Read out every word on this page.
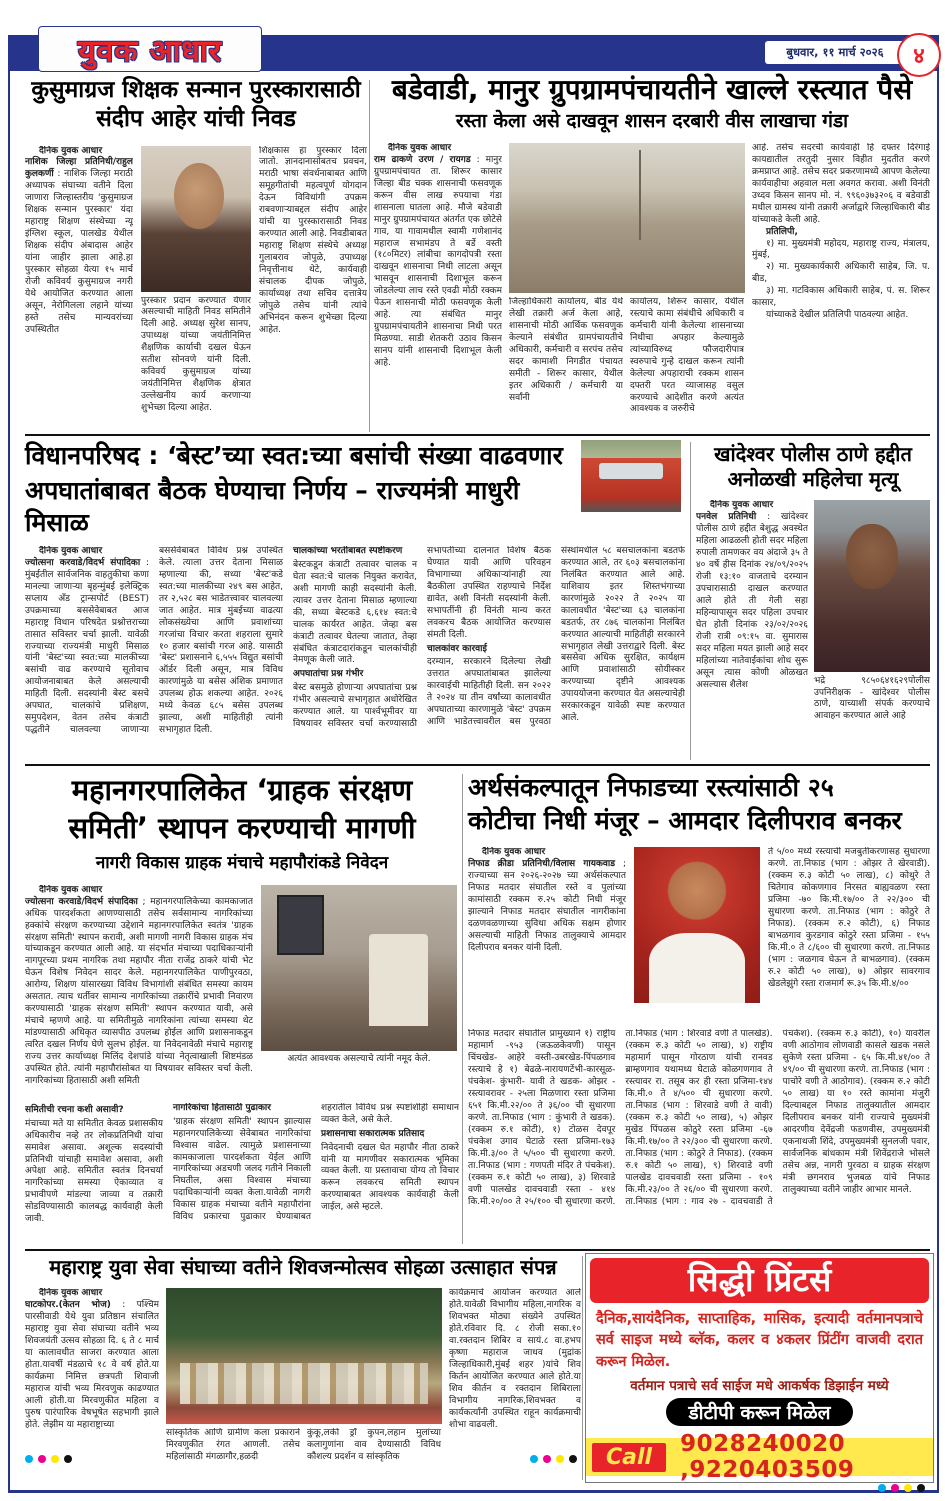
युवक आधार	बुधवार, ११ मार्च २०२६ ४
कुसुमाग्रज शिक्षक सन्मान पुरस्कारासाठी संदीप आहेर यांची निवड
दैनिक युवक आधार
नाशिक जिल्हा प्रतिनिधी/राहुल कुलकर्णी : नाशिक जिल्हा मराठी अध्यापक संघाच्या वतीने दिला जाणारा जिल्हास्तरीय 'कुसुमाग्रज शिक्षक सन्मान पुरस्कार' यंदा महाराष्ट्र शिक्षण संस्थेच्या न्यू इंग्लिश स्कूल, पालखेड येथील शिक्षक संदीप अंबादास आहेर यांना जाहीर झाला आहे.हा पुरस्कार सोहळा येत्या १५ मार्च रोजी कविवर्य कुसुमाग्रज नगरी येथे आयोजित करण्यात आला असून, नेरोगिलला लहाने यांच्या हस्ते तसेच मान्यवरांच्या उपस्थितीत
पुरस्कार प्रदान करण्यात येणार असल्याची माहिती निवड समितीने दिली आहे. अध्यक्ष सुरेश सानप, उपाध्यक्ष यांच्या जयंतीनिमित्त शैक्षणिक कार्याची दखल घेऊन सतीश सोनवणे यांनी दिली. कविवर्य कुसुमाग्रज यांच्या जयंतीनिमित्त शैक्षणिक क्षेत्रात उल्लेखनीय कार्य करणाऱ्या शुभेच्छा दिल्या आहेत.
शिक्षकास हा पुरस्कार दिला जातो. ज्ञानदानासोबतच प्रवचन, मराठी भाषा संवर्धनाबाबत आणि समूहगीतांची महत्वपूर्ण योगदान देऊन विविधांगी उपक्रम राबवणाऱ्याबद्दल संदीप आहेर यांची या पुरस्कारासाठी निवड करण्यात आली आहे. निवडीबाबत महाराष्ट्र शिक्षण संस्थेचे अध्यक्ष गुलाबराव जोपुळे, उपाध्यक्ष निवृत्तीनाथ थेटे, कार्यवाही संचालक दीपक जोपुळे, कार्याध्यक्ष तथा सचिव दत्तात्रेय जोपुळे तसेच यांनी त्यांचे अभिनंदन करून शुभेच्छा दिल्या आहेत.
बडेवाडी, मानुर ग्रुपग्रामपंचायतीने खाल्ले रस्त्यात पैसे
रस्ता केला असे दाखवून शासन दरबारी वीस लाखाचा गंडा
दैनिक युवक आधार
राम ढाकणे उरण / रायगड : मानुर ग्रुपग्रामपंचायत ता. शिरूर कासार जिल्हा बीड चक्क शासनाची फसवणूक करून वीस लाख रुपयाचा गंडा शासनाला घातला आहे. मौजे बडेवाडी मानुर ग्रुपग्रामपंचायत अंतर्गत एक छोटेसे गाव, या गावामधील स्वामी गणेशानंद महाराज सभामंडप ते बर्डे वस्ती (१८०मिटर) लांबीचा कागदोपत्री रस्ता दाखवून शासनाचा निधी लाटला असून भासवून शासनाची दिशाभूल करून जोडलेल्या लाच रस्ते एवढी मोठी रक्कम पेऊन शासनाची मोठी फसवणूक केली आहे. त्या संबंधित मानुर ग्रुपग्रामपंचायतीने शासनाचा निधी परत मिळण्या. साडी शेतकरी उठाव किसन सानप यांनी शासनाची दिशाभूल केली आहे.
जिल्हाधिकारी कार्यालय, बीड येथे लेखी तक्रारी अर्ज केला आहे, शासनाची मोठी आर्थिक फसवणुक केल्याने संबंधीत ग्रामपंचायतीचे अधिकारी, कर्मचारी व सरपंच तसेच सदर कामाशी निगडीत पंचायत समीती - शिरूर कासार, येथील इतर अधिकारी / कर्मचारी या सर्वांनी
कार्यालय, शिरूर कासार, येथील रस्त्याचे कामा संबंधीचे अधिकारी व कर्मचारी यांनी केलेल्या शासनाच्या निधीचा अपहार केल्यामुळे त्यांच्याविरुध्द फौजदारीपात्र स्वरुपाचे गुन्हे दाखल करून त्यांनी केलेल्या अपहाराची रक्कम शासन दफ्तरी परत व्याजासह वसुल करण्याचे आदेशीत करणे अत्यंत आवश्यक व जरुरीचे
आहे. तसेच सदरची कार्यवाही हि दफ्तर दिरंगाई कायद्यातील तरतुदी नुसार विहीत मुदतीत करणे क्रमप्राप्त आहे. तसेच सदर प्रकरणामध्ये आपण केलेल्या कार्यवाहीचा अहवाल मला अवगत करावा. अशी विनंती उध्दव किसन सानप मो. नं. ९९६०३७३२०६ व बडेवाडी मधील ग्रामस्थ यांनी तक्रारी अर्जाद्वारे जिल्हाधिकारी बीड यांच्याकडे केली आहे.
प्रतिलिपी,
१) मा. मुख्यमंत्री महोदय, महाराष्ट्र राज्य, मंत्रालय, मुंबई,
२) मा. मुख्यकार्यकारी अधिकारी साहेब, जि. प. बीड,
३) मा. गटविकास अधिकारी साहेब, पं. स. शिरूर कासार,
यांच्याकडे देखील प्रतिलिपी पाठवल्या आहेत.
विधानपरिषद : ‘बेस्ट’च्या स्वत:च्या बसांची संख्या वाढवणार
अपघातांबाबत बैठक घेण्याचा निर्णय – राज्यमंत्री माधुरी मिसाळ
दैनिक युवक आधार
ज्योत्सना करवाडे/विदर्भ संपादिका : मुंबईतील सार्वजनिक वाहतुकीचा कणा मानल्या जाणाऱ्या बृहन्मुंबई इलेक्ट्रिक सप्लाय अँड ट्रान्सपोर्ट (BEST) उपक्रमाच्या बससेवेबाबत आज महाराष्ट्र विधान परिषदेत प्रश्नोत्तराच्या तासात सविस्तर चर्चा झाली. यावेळी राज्याच्या राज्यमंत्री माधुरी मिसाळ यांनी 'बेस्ट'च्या स्वत:च्या मालकीच्या बसांची वाढ करण्याचे सूतोवाच आयोजनाबाबत केले असल्याची माहिती दिली. सदस्यांनी बेस्ट बसचे अपघात, चालकांचे प्रशिक्षण, समुपदेशन, वेतन तसेच कंत्राटी पद्धतीने चालवल्या जाणाऱ्या बससेवेबाबत विविध प्रश्न उपस्थित केले. त्याला उत्तर देताना मिसाळ म्हणाल्या की, सध्या 'बेस्ट'कडे स्वत:च्या मालकीच्या २४९ बस आहेत, तर २,५२८ बस भाडेतत्त्वावर चालवल्या जात आहेत. मात्र मुंबईच्या वाढत्या लोकसंख्येचा आणि प्रवाशांच्या गरजांचा विचार करता शहराला सुमारे १० हजार बसांची गरज आहे. यासाठी 'बेस्ट' प्रशासनाने ६,५५५ विद्युत बसांची ऑर्डर दिली असून, मात्र विविध कारणांमुळे या बसेस अंशिक प्रमाणात उपलब्ध होऊ शकल्या आहेत. २०२६ मध्ये केवळ ६८५ बसेस उपलब्ध झाल्या, अशी माहितीही त्यांनी सभागृहात दिली.
चालकांच्या भरतीबाबत स्पष्टीकरण
बेस्टकडून कंत्राटी तत्वावर चालक न घेता स्वत:चे चालक नियुक्त करावेत, अशी मागणी काही सदस्यांनी केली. त्यावर उत्तर देताना मिसाळ म्हणाल्या की, सध्या बेस्टकडे ६,६१४ स्वत:चे चालक कार्यरत आहेत. जेव्हा बस कंत्राटी तत्वावर घेतल्या जातात, तेव्हा संबंधित कंत्राटदारांकडून चालकांचीही नेमणूक केली जाते.
अपघातांचा प्रश्न गंभीर
बेस्ट बसमुळे होणाऱ्या अपघातांचा प्रश्न गंभीर असल्याचे सभागृहात अधोरेखित करण्यात आले. या पार्श्वभूमीवर या विषयावर सविस्तर चर्चा करण्यासाठी सभापतींच्या दालनात विशेष बैठक घेण्यात यावी आणि परिवहन विभागाच्या अधिकाऱ्यांनाही त्या बैठकीला उपस्थित राहण्याचे निर्देश द्यावेत, अशी विनंती सदस्यांनी केली. सभापतींनी ही विनंती मान्य करत लवकरच बैठक आयोजित करण्यास संमती दिली.
चालकांवर कारवाई
दरम्यान, सरकारने दिलेल्या लेखी उत्तरात अपघातांबाबत झालेल्या कारवाईची माहितीही दिली. सन २०२२ ते २०२४ या तीन वर्षांच्या कालावधीत अपघाताच्या कारणामुळे 'बेस्ट' उपक्रम आणि भाडेतत्त्वावरील बस पुरवठा संस्थांमधील ५८ बसचालकांना बडतर्फ करण्यात आले, तर ६०३ बसचालकांना निलंबित करण्यात आले आहे. याशिवाय इतर शिस्तभंगाच्या कारणांमुळे २०२२ ते २०२५ या कालावधीत 'बेस्ट'च्या ६३ चालकांना बडतर्फ, तर ८७६ चालकांना निलंबित करण्यात आल्याची माहितीही सरकारने सभागृहात लेखी उत्तराद्वारे दिली. बेस्ट बससेवा अधिक सुरक्षित, कार्यक्षम आणि प्रवाशांसाठी सोयीस्कर करण्याच्या दृष्टीने आवश्यक उपाययोजना करण्यात येत असल्याचेही सरकारकडून यावेळी स्पष्ट करण्यात आले.
खांदेश्वर पोलीस ठाणे हद्दीत
अनोळखी महिलेचा मृत्यू
दैनिक युवक आधार
पनवेल प्रतिनिधी : खांदेश्वर पोलीस ठाणे हद्दीत बेशुद्ध अवस्थेत महिला आढळली होती सदर महिला रुपाली तामणकर वय अंदाजे ३५ ते ४० वर्षे हीस दिनांक २४/०९/२०२५ रोजी १३:१० वाजताचे दरम्यान उपचारासाठी दाखल करण्यात आले होते ती गेली सहा महिन्यापासून सदर पहिला उपचार घेत होती दिनांक २३/०२/२०२६ रोजी रात्री ०९:१५ वा. सुमारास सदर महिला मयत झाली आहे सदर महिलांच्या नातेवाईकांचा शोध सुरू असून त्यास कोणी ओळखत असल्यास शैलेश	भद्रे ९८५०६४१६२९पोलीस उपनिरीक्षक - खांदेश्वर पोलीस ठाणे, याच्याशी संपर्क करण्याचे आवाहन करण्यात आले आहे
महानगरपालिकेत ‘ग्राहक संरक्षण
समिती’ स्थापन करण्याची मागणी
नागरी विकास ग्राहक मंचाचे महापौरांकडे निवेदन
दैनिक युवक आधार
ज्योत्सना करवाडे/विदर्भ संपादिका ; महानगरपालिकेच्या कामकाजात अधिक पारदर्शकता आणण्यासाठी तसेच सर्वसामान्य नागरिकांच्या हक्कांचे संरक्षण करण्याच्या उद्देशाने महानगरपालिकेत स्वतंत्र 'ग्राहक संरक्षण समिती' स्थापन करावी, अशी मागणी नागरी विकास ग्राहक मंच यांच्याकडून करण्यात आली आहे. या संदर्भात मंचाच्या पदाधिकाऱ्यांनी नागपूरच्या प्रथम नागरिक तथा महापौर नीता राजेंद्र ठाकरे यांची भेट घेऊन विशेष निवेदन सादर केले. महानगरपालिकेत पाणीपुरवठा, आरोग्य, शिक्षण यांसारख्या विविध विभागांशी संबंधित समस्या कायम असतात. त्याच धर्तीवर सामान्य नागरिकांच्या तक्रारींचे प्रभावी निवारण करण्यासाठी 'ग्राहक संरक्षण समिती' स्थापन करण्यात यावी, असे मंचाचे म्हणणे आहे. या समितीमुळे नागरिकांना त्यांच्या समस्या थेट मांडण्यासाठी अधिकृत व्यासपीठ उपलब्ध होईल आणि प्रशासनाकडून त्वरित दखल निर्णय घेणे सुलभ होईल. या निवेदनावेळी मंचाचे महाराष्ट्र राज्य उत्तर कार्याध्यक्ष मिलिंद देशपांडे यांच्या नेतृत्वाखाली शिष्टमंडळ उपस्थित होते. त्यांनी महापौरांसोबत या विषयावर सविस्तर चर्चा केली. नागरिकांच्या हितासाठी अशी समिती
अत्यंत आवश्यक असल्याचे त्यांनी नमूद केले.
समितीची रचना कशी असावी?
मंचाच्या मते या समितीत केवळ प्रशासकीय अधिकारीच नव्हे तर लोकप्रतिनिधी यांचा समावेश असावा. अशूल्क सदस्यांची प्रतिनिधी यांचाही समावेश असावा, अशी अपेक्षा आहे. समितीत स्वतंत्र दिनचर्या नागरिकांच्या समस्या ऐकाव्यात व प्रभावीपणे मांडल्या जाव्या व तक्रारी सोडविण्यासाठी कालबद्ध कार्यवाही केली जावी.
नागरिकांचा हितासाठी पुढाकार
'ग्राहक संरक्षण समिती' स्थापन झाल्यास महानगरपालिकेच्या सेवेबाबत नागरिकांचा विश्वास वाढेल. त्यामुळे प्रशासनाच्या कामकाजाला पारदर्शकता येईल आणि नागरिकांच्या अडचणी जलद गतीने निकाली निघतील, असा विश्वास मंचाच्या पदाधिकाऱ्यांनी व्यक्त केला.यावेळी नागरी विकास ग्राहक मंचाच्या वतीने महापौरांना विविध प्रकारचा पुढाकार घेण्याबाबत शहरातील विविध प्रश्न स्पष्टांशीही समाधान व्यक्त केले, असे केले.
प्रशासनाचा सकारात्मक प्रतिसाद
निवेदनाची दखल घेत महापौर नीता ठाकरे यांनी या मागणीवर सकारात्मक भूमिका व्यक्त केली. या प्रस्तावाचा योग्य तो विचार करून लवकरच समिती स्थापन करण्याबाबत आवश्यक कार्यवाही केली जाईल, असे म्हटले.
अर्थसंकल्पातून निफाडच्या रस्त्यांसाठी २५
कोटीचा निधी मंजूर – आमदार दिलीपराव बनकर
दैनिक युवक आधार
निफाड क्रीडा प्रतिनिधी/विलास गायकवाड ; राज्याच्या सन २०२६-२०२७ च्या अर्थसंकल्पात निफाड मतदार संघातील रस्ते व पुलांच्या कामांसाठी रक्कम रु.२५ कोटी निधी मंजूर झाल्याने निफाड मतदार संघातील नागरीकांना दळणवळणाच्या सुविधा अधिक सक्षम होणार असल्याची माहिती निफाड तालुक्याचे आमदार दिलीपराव बनकर यांनी दिली.
ते ५/०० मध्ये रस्त्याची मजबुतीकरणासह सुधारणा करणे. ता.निफाड (भाग : ओझर ते खेरवाडी). (रक्कम रु.३ कोटी ५० लाख), ८) कोथुरे ते चितेगाव कोकणगाव निरसत बाह्यवळण रस्ता प्रजिमा -७० कि.मी.१७/०० ते २२/३०० ची सुधारणा करणे. ता.निफाड (भाग : कोठुरे ते निफाड). (रक्कम रु.२ कोटी), ६) निफाड बाभळगाव कुरडगाव कोठुरे रस्ता प्रजिमा - १५५ कि.मी.० ते ८/६०० ची सुधारणा करणे. ता.निफाड (भाग : जळगाव घेऊन ते बाभळगाव). (रक्कम रु.२ कोटी ५० लाख), ७) ओझर सावरगाव खेडलेझुंगे रस्ता राजमार्ग रू.३५ कि.मी.४/००
निफाड मतदार संघातील प्रामुख्याने १) राष्ट्रीय महामार्ग -९५३ (जऊळकेवणी) पासून चिंचखेड- आहेरे वस्ती-उबरखेड-पिंपळगाव रस्त्याचे हे १) बेढळे-नारायणटेंभी-कारसूळ- पंचकेश- कुंभारी- यावी ते खडक- ओझर - रस्त्यावरावर - २५ला मिळणारा रस्ता प्रजिमा ६५१ कि.मी.२२/०० ते ३६/०० ची सुधारणा करणे. ता.निफाड (भाग : कुंभारी ते खडक). (रक्कम रु.१ कोटी), १) टोळस देवपूर पंचकेश उगाव घेटाळे रस्ता प्रजिमा-१७३ कि.मी.३/०० ते ५/५०० ची सुधारणा करणे. ता.निफाड (भाग : गणपती मंदिर ते पंचकेश). (रक्कम रु.१ कोटी ५० लाख), ३) शिरवाडे वणी पालखेड दावचवाडी रस्ता - ४१४ कि.मी.२०/०० ते २५/१०० ची सुधारणा करणे. ता.निफाड (भाग : शिरवाडे वणी ते पालखेड). (रक्कम रु.३ कोटी ५० लाख), ४) राष्ट्रीय महामार्ग पासून गोरठाण यांची रानवड ब्राम्हणगाव यथामध्य घेटाळे कोळगणगाव ते रस्त्यावर रा. तसूब कर ही रस्ता प्रजिमा-१४४ कि.मी.० ते ४/५०० ची सुधारणा करणे. ता.निफाड (भाग : शिरवाडे वणी ते वावी) (रक्कम रु.३ कोटी ५० लाख), ५) ओझर मुखेड पिंपळस कोठुरे रस्ता प्रजिमा -६७ कि.मी.१७/०० ते २२/३०० ची सुधारणा करणे. ता.निफाड (भाग : कोठुरे ते निफाड). (रक्कम रु.१ कोटी ५० लाख), ९) शिरवाडे वणी पालखेड दावचवाडी रस्ता प्रजिमा - १०९ कि.मी.२३/०० ते २६/०० ची सुधारणा करणे. ता.निफाड (भाग : गाव २७ - दावचवाडी ते पंचकेश). (रक्कम रु.३ कोटी), १०) यावरील वणी आठोगाव लोणवाडी कासले खडक नसले सुकेणे रस्ता प्रजिमा - ६५ कि.मी.४१/०० ते ४९/०० ची सुधारणा करणे. ता.निफाड (भाग : पाचोरे वणी ते आठोगाव). (रक्कम रु.२ कोटी ५० लाख) या १० रस्ते कामांना मंजुरी दिल्याबद्दल निफाड तालुक्यातील आमदार दिलीपराव बनकर यांनी राज्याचे मुख्यमंत्री आदरणीय देवेंद्रजी फडणवीस, उपमुख्यमंत्री एकनाथजी शिंदे, उपमुख्यमंत्री सुनलजी पवार, सार्वजनिक बांधकाम मंत्री शिवेंद्रराजे भोसले तसेच अन्न, नागरी पुरवठा व ग्राहक संरक्षण मंत्री छगनराव भुजबळ यांचे निफाड तालुक्याच्या वतीने जाहीर आभार मानले.
महाराष्ट्र युवा सेवा संघाच्या वतीने शिवजन्मोत्सव सोहळा उत्साहात संपन्न
दैनिक युवक आधार
घाटकोपर.(केतन भोज) : पश्चिम पारसीवाडी येथे युवा प्रतिष्ठान संचालित महाराष्ट्र युवा सेवा संघाच्या वतीने भव्य शिवजयंती उत्सव सोहळा दि. ६ ते ८ मार्च या कालावधीत साजरा करण्यात आला होता.यावर्षी मंडळाचे १८ वे वर्ष होते.या कार्यक्रमा निमित्त छत्रपती शिवाजी महाराज यांची भव्य मिरवणुक काढण्यात आली होती.या मिरवणुकीत महिला व पुरुष पारंपारिक वेषभूषेत सहभागी झाले होते. लेझीम या महाराष्ट्राच्या
सांस्कृतिक आणि ग्रामीण कला प्रकाराने मिरवणुकीत रंगत आणली. तसेच महिलांसाठी मंगळागौर,हळदी
कुंकू,लकी ड्रॉ कुपन,लहान मुलांच्या कलागुणांना वाव देण्यासाठी विविध कौशल्य प्रदर्शन व सांस्कृतिक
कार्यक्रमाचे आयोजन करण्यात आले होते.यावेळी विभागीय महिला,नागरिक व शिवभक्त मोठ्या संख्येने उपस्थित होते.रविवार दि. ८ रोजी सका.१० वा.रक्तदान शिबिर व सायं.८ वा.हभप कृष्णा महाराज जाधव (मुद्रांक जिल्हाधिकारी,मुंबई शहर )यांचे शिव किर्तन आयोजित करण्यात आले होते.या शिव कीर्तन व रक्तदान शिबिराला विभागीय नागरिक,शिवभक्त व कार्यकर्त्यांनी उपस्थित राहून कार्यक्रमाची शोभा वाढवली.
सिद्धी प्रिंटर्स
दैनिक,सायंदैनिक, साप्ताहिक, मासिक, इत्यादी वर्तमानपत्राचे सर्व साइज मध्ये ब्लॅक, कलर व ४कलर प्रिंटींग वाजवी दरात करून मिळेल.
वर्तमान पत्राचे सर्व साईज मधे आकर्षक डिझाईन मध्ये
डीटीपी करून मिळेल
Call	9028240020 ,9220403509
